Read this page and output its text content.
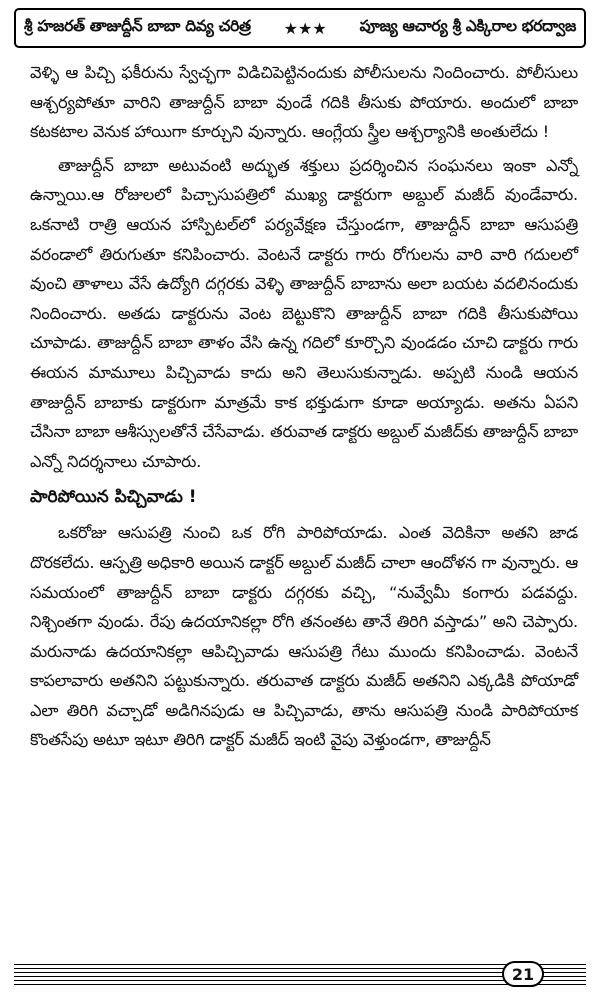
శ్రీ హజరత్ తాజుద్దీన్ బాబా దివ్య చరిత్ర ★★★ పూజ్య ఆచార్య శ్రీ ఎక్కిరాల భరద్వాజ

వెళ్ళి ఆ పిచ్చి ఫకీరును స్వేచ్ఛగా విడిచిపెట్టినందుకు పోలీసులను నిందించారు. పోలీసులు ఆశ్చర్యపోతూ వారిని తాజుద్దీన్ బాబా వుండే గదికి తీసుకు పోయారు. అందులో బాబా కటకటాల వెనుక హాయిగా కూర్చుని వున్నారు. ఆంగ్లేయ స్త్రీల ఆశ్చర్యానికి అంతులేదు !

తాజుద్దీన్ బాబా అటువంటి అద్భుత శక్తులు ప్రదర్శించిన సంఘనలు ఇంకా ఎన్నో ఉన్నాయి.ఆ రోజులలో పిచ్చాసుపత్రిలో ముఖ్య డాక్టరుగా అబ్దుల్ మజీద్ వుండేవారు. ఒకనాటి రాత్రి ఆయన హాస్పిటల్‌లో పర్యవేక్షణ చేస్తుండగా, తాజుద్దీన్ బాబా ఆసుపత్రి వరండాలో తిరుగుతూ కనిపించారు. వెంటనే డాక్టరు గారు రోగులను వారి వారి గదులలో వుంచి తాళాలు వేసే ఉద్యోగి దగ్గరకు వెళ్ళి తాజుద్దీన్ బాబాను అలా బయట వదలినందుకు నిందించారు. అతడు డాక్టరును వెంట బెట్టుకొని తాజుద్దీన్ బాబా గదికి తీసుకుపోయి చూపాడు. తాజుద్దీన్ బాబా తాళం వేసి ఉన్న గదిలో కూర్చొని వుండడం చూచి డాక్టరు గారు ఈయన మామూలు పిచ్చివాడు కాదు అని తెలుసుకున్నాడు. అప్పటి నుండి ఆయన తాజుద్దీన్ బాబాకు డాక్టరుగా మాత్రమే కాక భక్తుడుగా కూడా అయ్యాడు. అతను ఏపని చేసినా బాబా ఆశీస్సులతోనే చేసేవాడు. తరువాత డాక్టరు అబ్దుల్ మజీద్‌కు తాజుద్దీన్ బాబా ఎన్నో నిదర్శనాలు చూపారు.

పారిపోయిన పిచ్చివాడు !

ఒకరోజు ఆసుపత్రి నుంచి ఒక రోగి పారిపోయాడు. ఎంత వెదికినా అతని జాడ దొరకలేదు. ఆస్పత్రి అధికారి అయిన డాక్టర్ అబ్దుల్ మజీద్ చాలా ఆందోళన గా వున్నారు. ఆ సమయంలో తాజుద్దీన్ బాబా డాక్టరు దగ్గరకు వచ్చి, “నువ్వేమీ కంగారు పడవద్దు. నిశ్చింతగా వుండు. రేపు ఉదయానికల్లా రోగి తనంతట తానే తిరిగి వస్తాడు” అని చెప్పారు. మరునాడు ఉదయానికల్లా ఆపిచ్చివాడు ఆసుపత్రి గేటు ముందు కనిపించాడు. వెంటనే కాపలావారు అతనిని పట్టుకున్నారు. తరువాత డాక్టరు మజీద్ అతనిని ఎక్కడికి పోయాడో ఎలా తిరిగి వచ్చాడో అడిగినపుడు ఆ పిచ్చివాడు, తాను ఆసుపత్రి నుండి పారిపోయాక కొంతసేపు అటూ ఇటూ తిరిగి డాక్టర్ మజీద్ ఇంటి వైపు వెళ్తుండగా, తాజుద్దీన్

21
